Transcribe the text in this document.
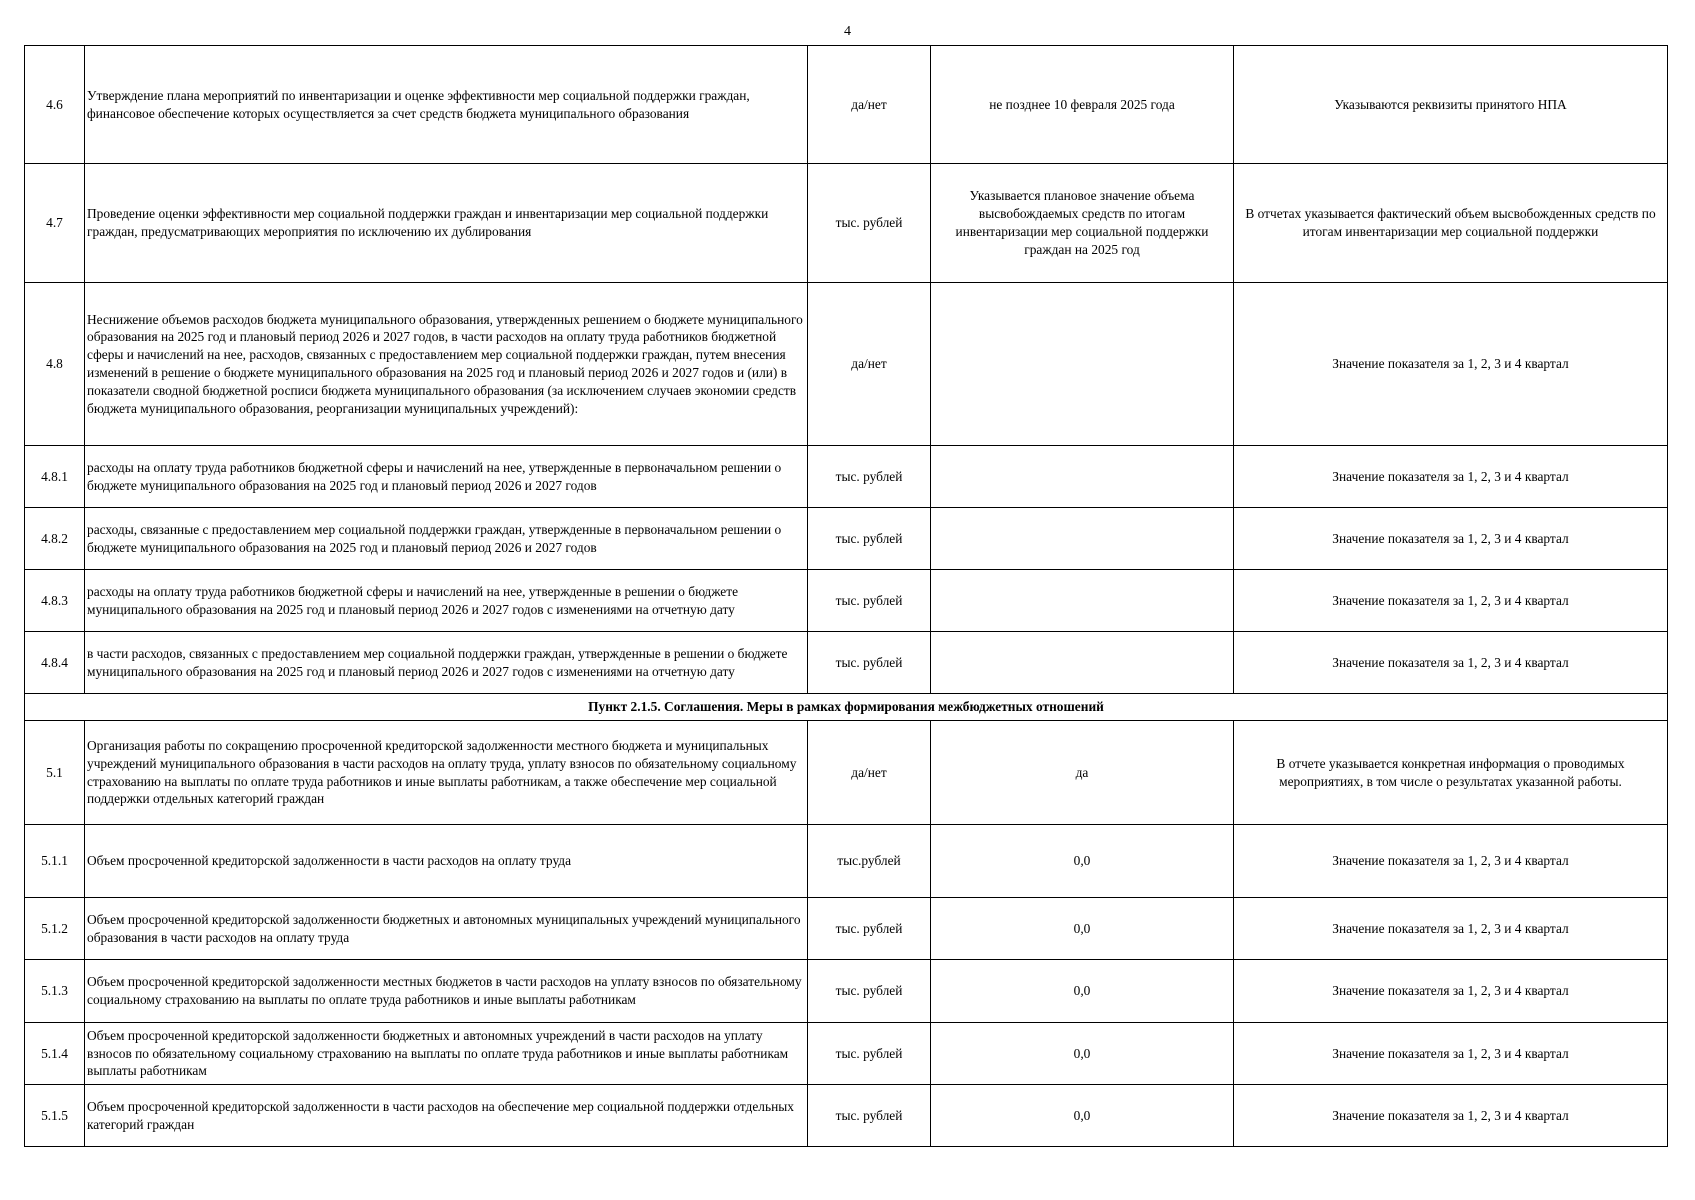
4
4.6	Утверждение плана мероприятий по инвентаризации и оценке эффективности мер социальной поддержки граждан, финансовое обеспечение которых осуществляется за счет средств бюджета муниципального образования	да/нет	не позднее 10 февраля 2025 года	Указываются реквизиты принятого НПА
4.7	Проведение оценки эффективности мер социальной поддержки граждан и инвентаризации мер социальной поддержки граждан, предусматривающих мероприятия по исключению их дублирования	тыс. рублей	Указывается плановое значение объема высвобождаемых средств по итогам инвентаризации мер социальной поддержки граждан на 2025 год	В отчетах указывается фактический объем высвобожденных средств по итогам инвентаризации мер социальной поддержки
4.8	Неснижение объемов расходов бюджета муниципального образования, утвержденных решением о бюджете муниципального образования на 2025 год и плановый период 2026 и 2027 годов, в части расходов на оплату труда работников бюджетной сферы и начислений на нее, расходов, связанных с предоставлением мер социальной поддержки граждан, путем внесения изменений в решение о бюджете муниципального образования на 2025 год и плановый период 2026 и 2027 годов и (или) в показатели сводной бюджетной росписи бюджета муниципального образования (за исключением случаев экономии средств бюджета муниципального образования, реорганизации муниципальных учреждений):	да/нет		Значение показателя за 1, 2, 3 и 4 квартал
4.8.1	расходы на оплату труда работников бюджетной сферы и начислений на нее, утвержденные в первоначальном решении о бюджете муниципального образования на 2025 год и плановый период 2026 и 2027 годов	тыс. рублей		Значение показателя за 1, 2, 3 и 4 квартал
4.8.2	расходы, связанные с предоставлением мер социальной поддержки граждан, утвержденные в первоначальном решении о бюджете муниципального образования на 2025 год и плановый период 2026 и 2027 годов	тыс. рублей		Значение показателя за 1, 2, 3 и 4 квартал
4.8.3	расходы на оплату труда работников бюджетной сферы и начислений на нее, утвержденные в решении о бюджете муниципального образования на 2025 год и плановый период 2026 и 2027 годов с изменениями на отчетную дату	тыс. рублей		Значение показателя за 1, 2, 3 и 4 квартал
4.8.4	в части расходов, связанных с предоставлением мер социальной поддержки граждан, утвержденные в решении о бюджете муниципального образования на 2025 год и плановый период 2026 и 2027 годов с изменениями на отчетную дату	тыс. рублей		Значение показателя за 1, 2, 3 и 4 квартал
Пункт 2.1.5. Соглашения. Меры в рамках формирования межбюджетных отношений				
5.1	Организация работы по сокращению просроченной кредиторской задолженности местного бюджета и муниципальных учреждений муниципального образования в части расходов на оплату труда, уплату взносов по обязательному социальному страхованию на выплаты по оплате труда работников и иные выплаты работникам, а также обеспечение мер социальной поддержки отдельных категорий граждан	да/нет	да	В отчете указывается конкретная информация о проводимых мероприятиях, в том числе о результатах указанной работы.
5.1.1	Объем просроченной кредиторской задолженности в части расходов на оплату труда	тыс.рублей	0,0	Значение показателя за 1, 2, 3 и 4 квартал
5.1.2	Объем просроченной кредиторской задолженности бюджетных и автономных муниципальных учреждений муниципального образования в части расходов на оплату труда	тыс. рублей	0,0	Значение показателя за 1, 2, 3 и 4 квартал
5.1.3	Объем просроченной кредиторской задолженности местных бюджетов в части расходов на уплату взносов по обязательному социальному страхованию на выплаты по оплате труда работников и иные выплаты работникам	тыс. рублей	0,0	Значение показателя за 1, 2, 3 и 4 квартал
5.1.4	Объем просроченной кредиторской задолженности бюджетных и автономных учреждений в части расходов на уплату взносов по обязательному социальному страхованию на выплаты по оплате труда работников и иные выплаты работникам выплаты работникам	тыс. рублей	0,0	Значение показателя за 1, 2, 3 и 4 квартал
5.1.5	Объем просроченной кредиторской задолженности в части расходов на обеспечение мер социальной поддержки отдельных категорий граждан	тыс. рублей	0,0	Значение показателя за 1, 2, 3 и 4 квартал
